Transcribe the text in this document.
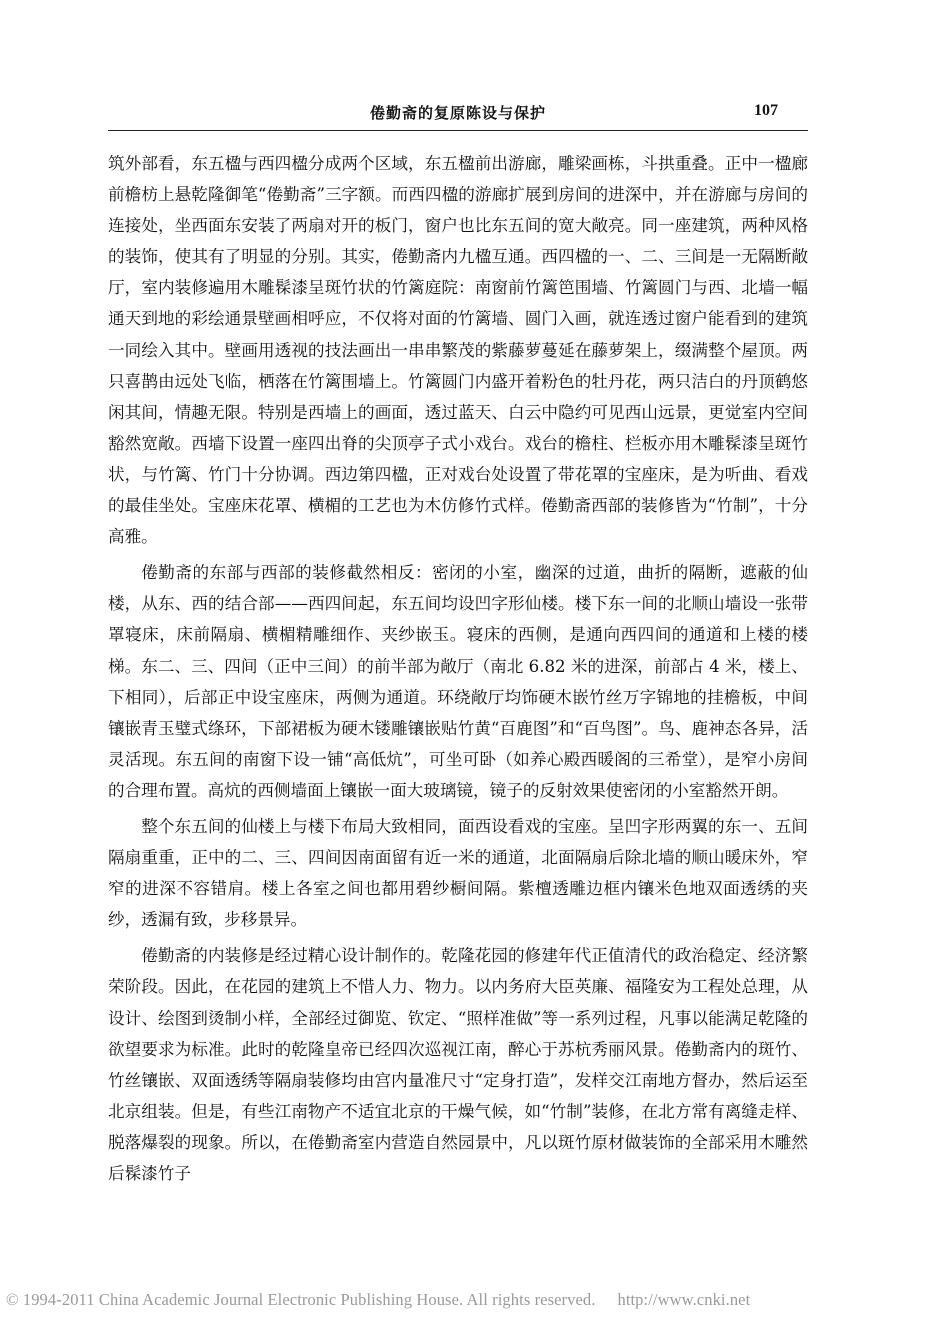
倦勤斋的复原陈设与保护	107

筑外部看，东五楹与西四楹分成两个区域，东五楹前出游廊，雕梁画栋，斗拱重叠。正中一楹廊前檐枋上悬乾隆御笔“倦勤斋”三字额。而西四楹的游廊扩展到房间的进深中，并在游廊与房间的连接处，坐西面东安装了两扇对开的板门，窗户也比东五间的宽大敞亮。同一座建筑，两种风格的装饰，使其有了明显的分别。其实，倦勤斋内九楹互通。西四楹的一、二、三间是一无隔断敞厅，室内装修遍用木雕髹漆呈斑竹状的竹篱庭院：南窗前竹篱笆围墙、竹篱圆门与西、北墙一幅通天到地的彩绘通景壁画相呼应，不仅将对面的竹篱墙、圆门入画，就连透过窗户能看到的建筑一同绘入其中。壁画用透视的技法画出一串串繁茂的紫藤萝蔓延在藤萝架上，缀满整个屋顶。两只喜鹊由远处飞临，栖落在竹篱围墙上。竹篱圆门内盛开着粉色的牡丹花，两只洁白的丹顶鹤悠闲其间，情趣无限。特别是西墙上的画面，透过蓝天、白云中隐约可见西山远景，更觉室内空间豁然宽敞。西墙下设置一座四出脊的尖顶亭子式小戏台。戏台的檐柱、栏板亦用木雕髹漆呈斑竹状，与竹篱、竹门十分协调。西边第四楹，正对戏台处设置了带花罩的宝座床，是为听曲、看戏的最佳坐处。宝座床花罩、横楣的工艺也为木仿修竹式样。倦勤斋西部的装修皆为“竹制”，十分高雅。

倦勤斋的东部与西部的装修截然相反：密闭的小室，幽深的过道，曲折的隔断，遮蔽的仙楼，从东、西的结合部——西四间起，东五间均设凹字形仙楼。楼下东一间的北顺山墙设一张带罩寝床，床前隔扇、横楣精雕细作、夹纱嵌玉。寝床的西侧，是通向西四间的通道和上楼的楼梯。东二、三、四间（正中三间）的前半部为敞厅（南北 6.82 米的进深，前部占 4 米，楼上、下相同），后部正中设宝座床，两侧为通道。环绕敞厅均饰硬木嵌竹丝万字锦地的挂檐板，中间镶嵌青玉璧式绦环，下部裙板为硬木镂雕镶嵌贴竹黄“百鹿图”和“百鸟图”。鸟、鹿神态各异，活灵活现。东五间的南窗下设一铺“高低炕”，可坐可卧（如养心殿西暖阁的三希堂），是窄小房间的合理布置。高炕的西侧墙面上镶嵌一面大玻璃镜，镜子的反射效果使密闭的小室豁然开朗。

整个东五间的仙楼上与楼下布局大致相同，面西设看戏的宝座。呈凹字形两翼的东一、五间隔扇重重，正中的二、三、四间因南面留有近一米的通道，北面隔扇后除北墙的顺山暖床外，窄窄的进深不容错肩。楼上各室之间也都用碧纱橱间隔。紫檀透雕边框内镶米色地双面透绣的夹纱，透漏有致，步移景异。

倦勤斋的内装修是经过精心设计制作的。乾隆花园的修建年代正值清代的政治稳定、经济繁荣阶段。因此，在花园的建筑上不惜人力、物力。以内务府大臣英廉、福隆安为工程处总理，从设计、绘图到烫制小样，全部经过御览、钦定、“照样准做”等一系列过程，凡事以能满足乾隆的欲望要求为标准。此时的乾隆皇帝已经四次巡视江南，醉心于苏杭秀丽风景。倦勤斋内的斑竹、竹丝镶嵌、双面透绣等隔扇装修均由宫内量准尺寸“定身打造”，发样交江南地方督办，然后运至北京组装。但是，有些江南物产不适宜北京的干燥气候，如“竹制”装修，在北方常有离缝走样、脱落爆裂的现象。所以，在倦勤斋室内营造自然园景中，凡以斑竹原材做装饰的全部采用木雕然后髹漆竹子

© 1994-2011 China Academic Journal Electronic Publishing House. All rights reserved. http://www.cnki.net
